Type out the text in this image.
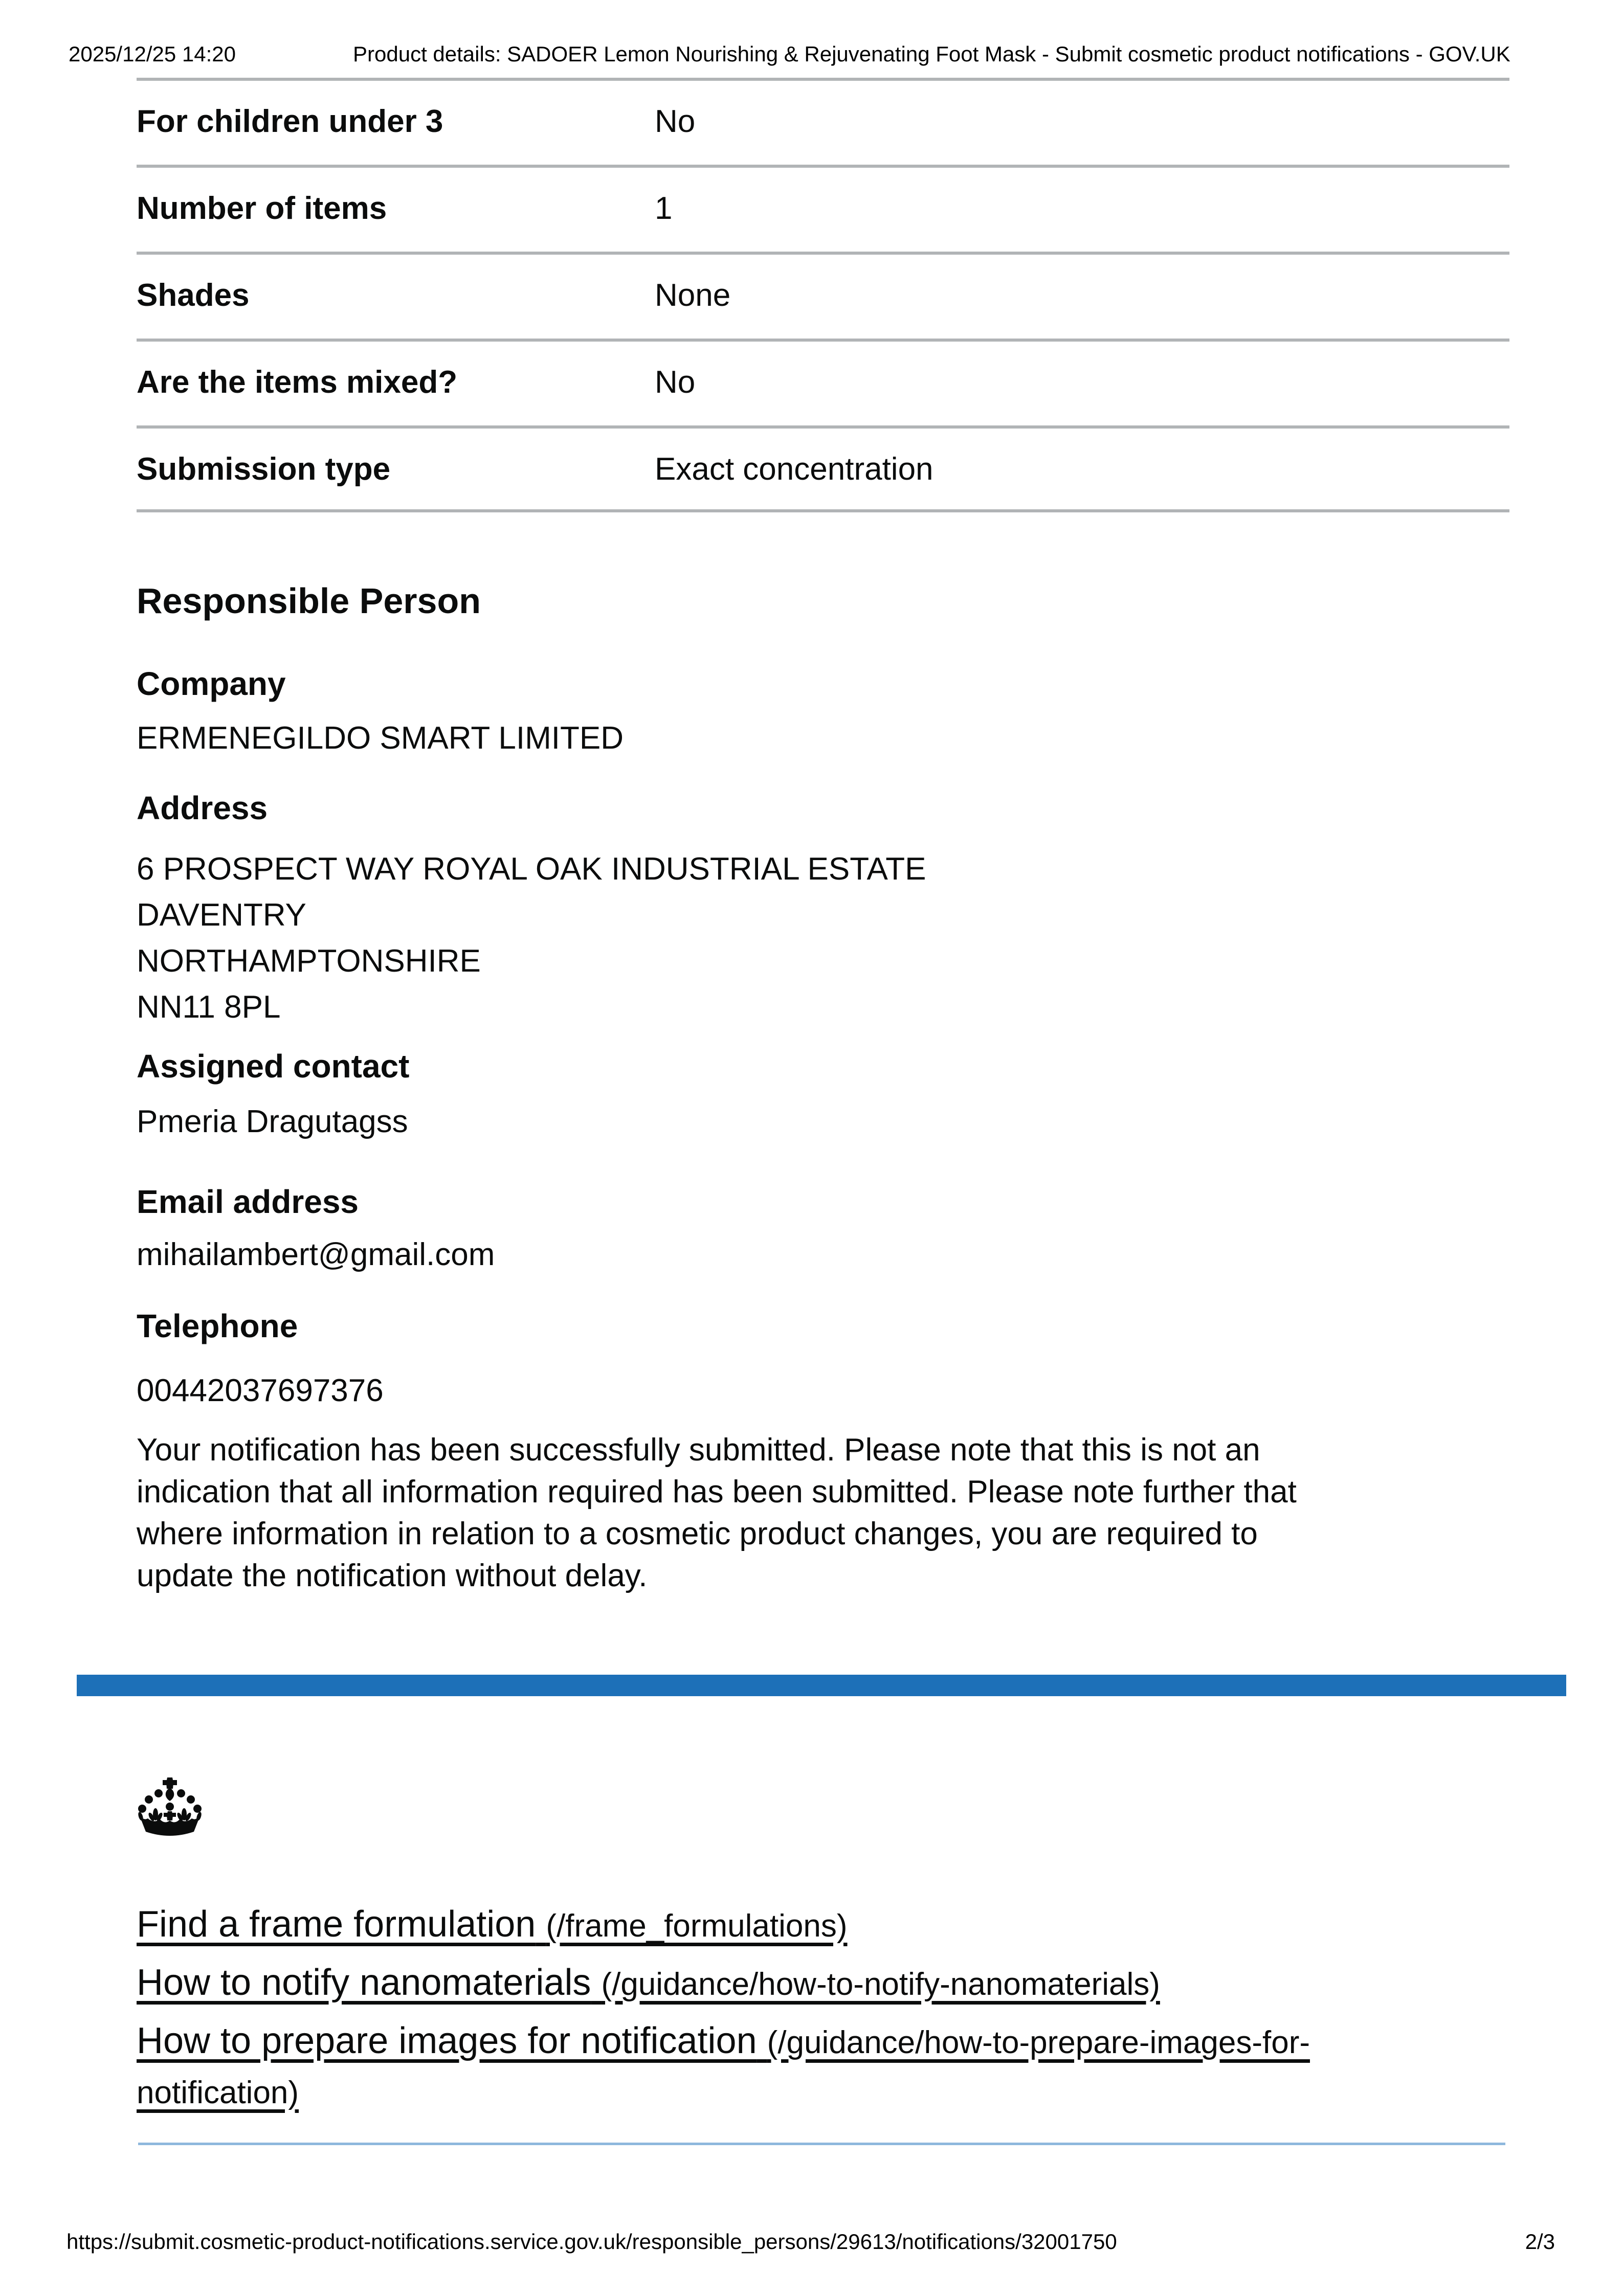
2025/12/25 14:20	Product details: SADOER Lemon Nourishing & Rejuvenating Foot Mask - Submit cosmetic product notifications - GOV.UK
For children under 3	No
Number of items	1
Shades	None
Are the items mixed?	No
Submission type	Exact concentration
Responsible Person
Company
ERMENEGILDO SMART LIMITED
Address
6 PROSPECT WAY ROYAL OAK INDUSTRIAL ESTATE
DAVENTRY
NORTHAMPTONSHIRE
NN11 8PL
Assigned contact
Pmeria Dragutagss
Email address
mihailambert@gmail.com
Telephone
00442037697376
Your notification has been successfully submitted. Please note that this is not an indication that all information required has been submitted. Please note further that where information in relation to a cosmetic product changes, you are required to update the notification without delay.
Find a frame formulation (/frame_formulations)
How to notify nanomaterials (/guidance/how-to-notify-nanomaterials)
How to prepare images for notification (/guidance/how-to-prepare-images-for-notification)
https://submit.cosmetic-product-notifications.service.gov.uk/responsible_persons/29613/notifications/32001750	2/3
